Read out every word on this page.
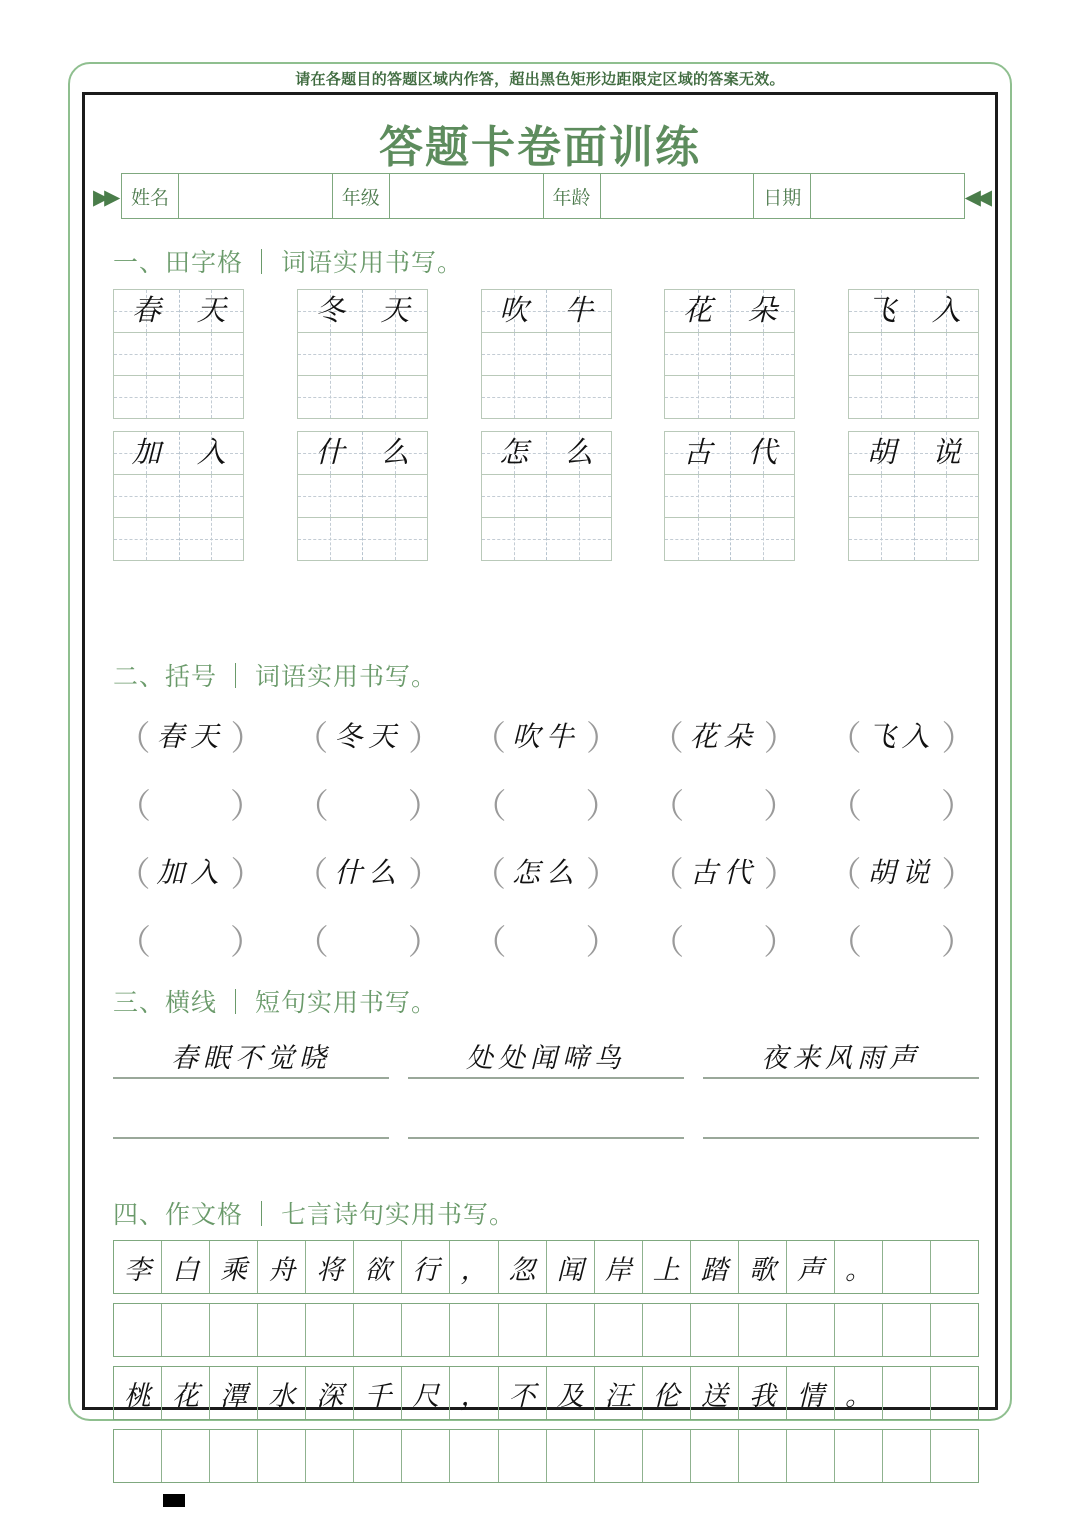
请在各题目的答题区域内作答，超出黑色矩形边距限定区域的答案无效。
答题卡卷面训练
▶▶	◀◀
姓名		年级		年龄		日期	
一、田字格 ｜ 词语实用书写。
春 天	冬 天	吹 牛	花 朵	飞 入
加 入	什 么	怎 么	古 代	胡 说
二、括号 ｜ 词语实用书写。
（ 春天 ） （ 冬天 ） （ 吹牛 ） （ 花朵 ） （ 飞入 ）
（ ） （ ） （ ） （ ） （ ）
（ 加入 ） （ 什么 ） （ 怎么 ） （ 古代 ） （ 胡说 ）
（ ） （ ） （ ） （ ） （ ）
三、横线 ｜ 短句实用书写。
春眠不觉晓	处处闻啼鸟	夜来风雨声
四、作文格 ｜ 七言诗句实用书写。
李 白 乘 舟 将 欲 行 ， 忽 闻 岸 上 踏 歌 声 。
桃 花 潭 水 深 千 尺 ， 不 及 汪 伦 送 我 情 。
